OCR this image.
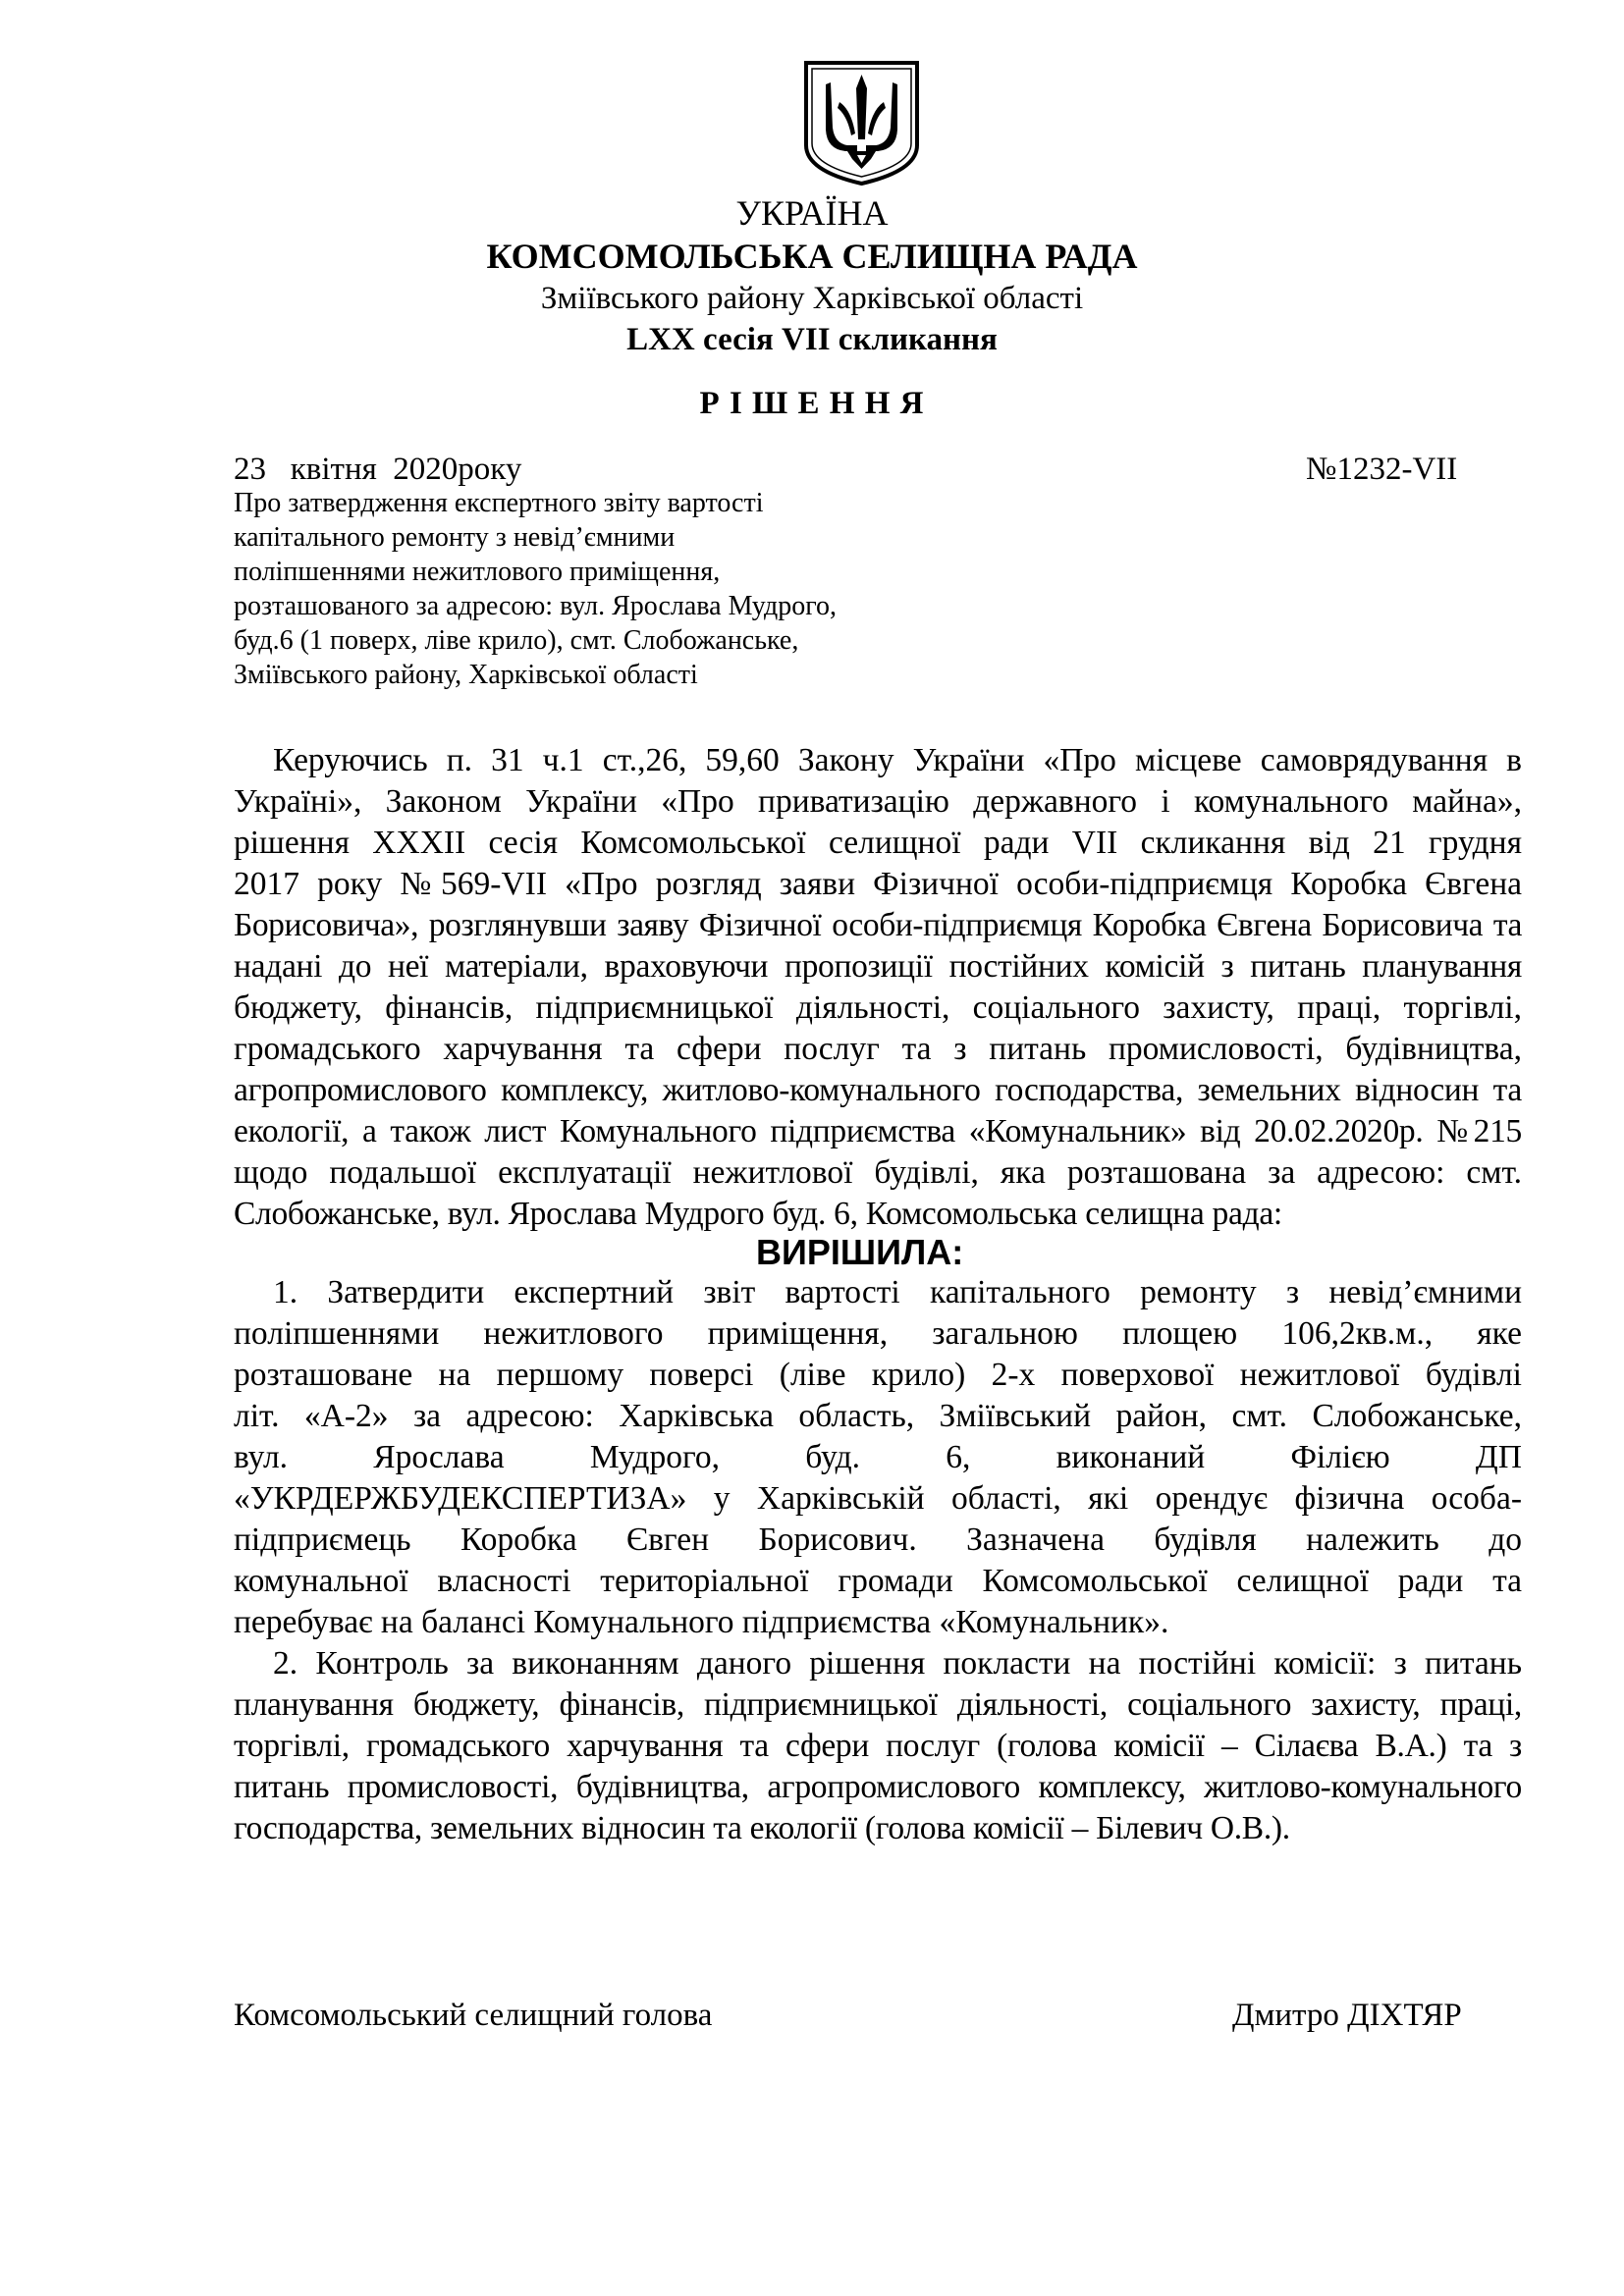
УКРАЇНА
КОМСОМОЛЬСЬКА СЕЛИЩНА РАДА
Зміївського району Харківської області
LXX сесія VII скликання
Р І Ш Е Н Н Я
23 квітня 2020року	№1232-VII
Про затвердження експертного звіту вартості
капітального ремонту з невід’ємними
поліпшеннями нежитлового приміщення,
розташованого за адресою: вул. Ярослава Мудрого,
буд.6 (1 поверх, ліве крило), смт. Слобожанське,
Зміївського району, Харківської області
Керуючись п. 31 ч.1 ст.,26, 59,60 Закону України «Про місцеве самоврядування в
Україні», Законом України «Про приватизацію державного і комунального майна»,
рішення XXXII сесія Комсомольської селищної ради VII скликання від 21 грудня
2017 року №569-VII «Про розгляд заяви Фізичної особи-підприємця Коробка Євгена
Борисовича», розглянувши заяву Фізичної особи-підприємця Коробка Євгена Борисовича та
надані до неї матеріали, враховуючи пропозиції постійних комісій з питань планування
бюджету, фінансів, підприємницької діяльності, соціального захисту, праці, торгівлі,
громадського харчування та сфери послуг та з питань промисловості, будівництва,
агропромислового комплексу, житлово-комунального господарства, земельних відносин та
екології, а також лист Комунального підприємства «Комунальник» від 20.02.2020р. №215
щодо подальшої експлуатації нежитлової будівлі, яка розташована за адресою: смт.
Слобожанське, вул. Ярослава Мудрого буд. 6, Комсомольська селищна рада:
ВИРІШИЛА:
1. Затвердити експертний звіт вартості капітального ремонту з невід’ємними
поліпшеннями нежитлового приміщення, загальною площею 106,2кв.м., яке
розташоване на першому поверсі (ліве крило) 2-х поверхової нежитлової будівлі
літ. «А-2» за адресою: Харківська область, Зміївський район, смт. Слобожанське,
вул.	Ярослава	Мудрого,	буд.	6,	виконаний	Філією	ДП
«УКРДЕРЖБУДЕКСПЕРТИЗА» у Харківській області, які орендує фізична особа-
підприємець Коробка Євген Борисович. Зазначена будівля належить до
комунальної власності територіальної громади Комсомольської селищної ради та
перебуває на балансі Комунального підприємства «Комунальник».
2. Контроль за виконанням даного рішення покласти на постійні комісії: з питань
планування бюджету, фінансів, підприємницької діяльності, соціального захисту, праці,
торгівлі, громадського харчування та сфери послуг (голова комісії – Сілаєва В.А.) та з
питань промисловості, будівництва, агропромислового комплексу, житлово-комунального
господарства, земельних відносин та екології (голова комісії – Білевич О.В.).
Комсомольський селищний голова	Дмитро ДІХТЯР
